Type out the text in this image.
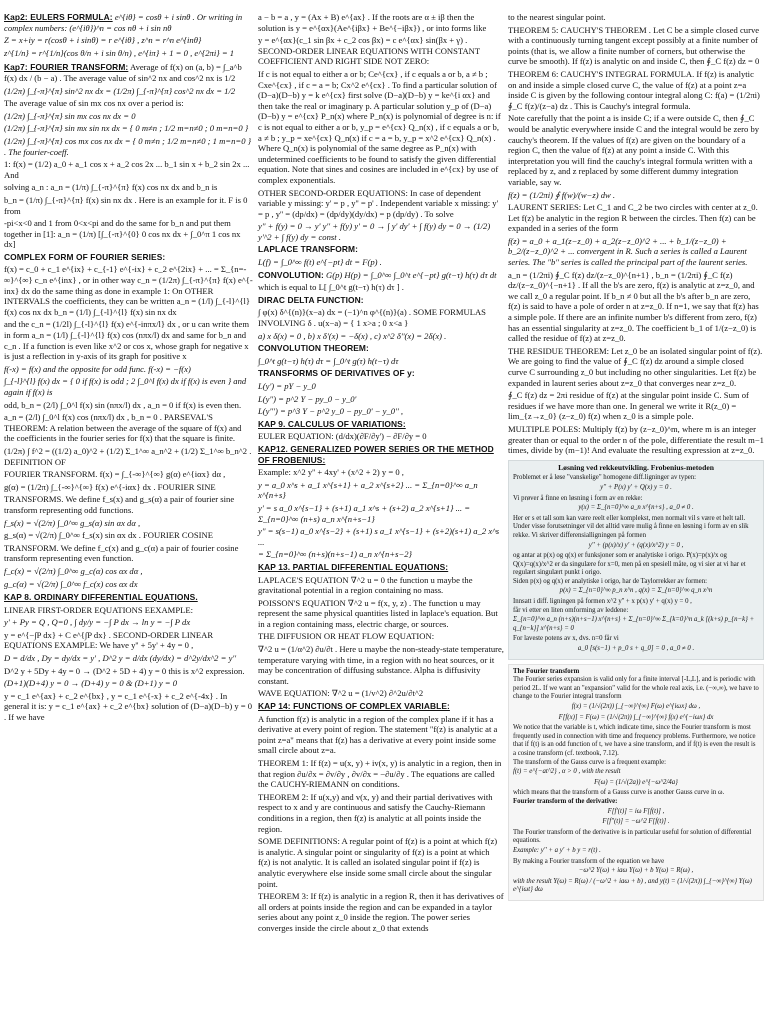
Kap2: EULERS FORMULA: e^{iθ} = cosθ + i sinθ . Or writing in complex numbers: (e^{iθ})^n = cos nθ + i sin nθ
Z = x+iy = r(cosθ + i sinθ) = r e^{iθ} , z^n = r^n e^{inθ}
z^{1/n} = r^{1/n}(cos θ/n + i sin θ/n) , e^{iπ} + 1 = 0 , e^{2πi} = 1
Kap7: FOURIER TRANSFORM: Average of f(x) on (a, b) = ∫_a^b f(x) dx / (b − a) . The average value of sin^2 nx and cos^2 nx is 1/2
(1/2π) ∫_{-π}^{π} sin^2 nx dx = (1/2π) ∫_{-π}^{π} cos^2 nx dx = 1/2
The average value of sin mx cos nx over a period is:
(1/2π) ∫_{-π}^{π} sin mx cos nx dx = 0
(1/2π) ∫_{-π}^{π} sin mx sin nx dx = { 0 m≠n ; 1/2 m=n≠0 ; 0 m=n=0 }
(1/2π) ∫_{-π}^{π} cos mx cos nx dx = { 0 m≠n ; 1/2 m=n≠0 ; 1 m=n=0 } . The fourier-coeff.
1: f(x) = (1/2) a_0 + a_1 cos x + a_2 cos 2x ... b_1 sin x + b_2 sin 2x ... And
solving a_n : a_n = (1/π) ∫_{-π}^{π} f(x) cos nx dx and b_n is
b_n = (1/π) ∫_{-π}^{π} f(x) sin nx dx . Here is an example for it. F is 0 from
-pi<x<0 and 1 from 0<x<pi and do the same for b_n and put them together in [1]: a_n = (1/π) [∫_{-π}^{0} 0 cos nx dx + ∫_0^π 1 cos nx dx]
COMPLEX FORM OF FOURIER SERIES:
f(x) = c_0 + c_1 e^{ix} + c_{-1} e^{-ix} + c_2 e^{2ix} + ... = Σ_{n=-∞}^{∞} c_n e^{inx} , or in other way c_n = (1/2π) ∫_{-π}^{π} f(x) e^{-inx} dx do the same thing as done in example 1: On OTHER INTERVALS the coefficients, they can be written a_n = (1/l) ∫_{-l}^{l} f(x) cos nx dx b_n = (1/l) ∫_{-l}^{l} f(x) sin nx dx
and the c_n = (1/2l) ∫_{-l}^{l} f(x) e^{-inπx/l} dx , or u can write them in form a_n = (1/l) ∫_{-l}^{l} f(x) cos (nπx/l) dx and same for b_n and c_n . If a function is even like x^2 or cos x, whose graph for negative x is just a reflection in y-axis of its graph for positive x
f(-x) = f(x) and the opposite for odd func. f(-x) = −f(x)
∫_{-l}^{l} f(x) dx = { 0 if f(x) is odd ; 2 ∫_0^l f(x) dx if f(x) is even } and again if f(x) is
odd, b_n = (2/l) ∫_0^l f(x) sin (nπx/l) dx , a_n = 0 if f(x) is even then.
a_n = (2/l) ∫_0^l f(x) cos (nπx/l) dx , b_n = 0 . PARSEVAL'S THEOREM: A relation between the average of the square of f(x) and the coefficients in the fourier series for f(x) that the square is finite.
(1/2π) ∫ f^2 = ((1/2) a_0)^2 + (1/2) Σ_1^∞ a_n^2 + (1/2) Σ_1^∞ b_n^2 . DEFINITION OF
FOURIER TRANSFORM. f(x) = ∫_{-∞}^{∞} g(α) e^{iαx} dα ,
g(α) = (1/2π) ∫_{-∞}^{∞} f(x) e^{-iαx} dx . FOURIER SINE
TRANSFORMS. We define f_s(x) and g_s(α) a pair of fourier sine transform representing odd functions.
f_s(x) = √(2/π) ∫_0^∞ g_s(α) sin αx dα ,
g_s(α) = √(2/π) ∫_0^∞ f_s(x) sin αx dx . FOURIER COSINE
TRANSFORM. We define f_c(x) and g_c(α) a pair of fourier cosine transform representing even function.
f_c(x) = √(2/π) ∫_0^∞ g_c(α) cos αx dα ,
g_c(α) = √(2/π) ∫_0^∞ f_c(x) cos αx dx
KAP 8. ORDINARY DIFFERENTIAL EQUATIONS.
LINEAR FIRST-ORDER EQUATIONS EEXAMPLE:
y' + Py = Q , Q=0 , ∫ dy/y = −∫ P dx → ln y = −∫ P dx
y = e^{−∫P dx} + C e^{∫P dx} . SECOND-ORDER LINEAR EQUATIONS EXAMPLE: We have y'' + 5y' + 4y = 0 ,
D = d/dx , Dy = dy/dx = y' , D^2 y = d/dx (dy/dx) = d^2y/dx^2 = y''
D^2 y + 5Dy + 4y = 0 → (D^2 + 5D + 4) y = 0 this is x^2 expression.
(D+1)(D+4) y = 0 → (D+4) y = 0 & (D+1) y = 0
y = c_1 e^{ax} + c_2 e^{bx} , y = c_1 e^{-x} + c_2 e^{-4x} . In general it is: y = c_1 e^{ax} + c_2 e^{bx} solution of (D−a)(D−b) y = 0 . If we have
a − b = a , y = (Ax + B) e^{ax} . If the roots are α ± iβ then the solution is y = e^{αx}(Ae^{iβx} + Be^{−iβx}) , or into forms like
y = e^{αx}(c_1 sin βx + c_2 cos βx) = c e^{αx} sin(βx + γ) . SECOND-ORDER LINEAR EQUATIONS WITH CONSTANT COEFFICIENT AND RIGHT SIDE NOT ZERO:
If c is not equal to either a or b; Ce^{cx} , if c equals a or b, a ≠ b ; Cxe^{cx} , if c = a = b; Cx^2 e^{cx} . To find a particular solution of (D−a)(D−b) y = k e^{cx} first solve (D−a)(D−b) y = ke^{i αx} and then take the real or imaginary p. A particular solution y_p of (D−a)(D−b) y = e^{cx} P_n(x) where P_n(x) is polynomial of degree is n: if c is not equal to either a or b, y_p = e^{cx} Q_n(x) , if c equals a or b, a ≠ b ; y_p = xe^{cx} Q_n(x) if c = a = b, y_p = x^2 e^{cx} Q_n(x) . Where Q_n(x) is polynomial of the same degree as P_n(x) with undetermined coefficients to be found to satisfy the given differential equation. Note that sines and cosines are included in e^{cx} by use of complex exponentials.
OTHER SECOND-ORDER EQUATIONS: In case of dependent variable y missing: y' = p , y'' = p' . Independent variable x missing: y' = p , y'' = (dp/dx) = (dp/dy)(dy/dx) = p (dp/dy) . To solve
y'' + f(y) = 0 → y' y'' + f(y) y' = 0 → ∫ y' dy' + ∫ f(y) dy = 0 → (1/2) y'^2 + ∫ f(y) dy = const .
LAPLACE TRANSFORM:
L(f) = ∫_0^∞ f(t) e^{−pt} dt = F(p) .
CONVOLUTION: G(p) H(p) = ∫_0^∞ ∫_0^t e^{−pt} g(t−τ) h(τ) dτ dt
which is equal to L[ ∫_0^t g(t−τ) h(τ) dτ ] .
DIRAC DELTA FUNCTION:
∫ φ(x) δ^{(n)}(x−a) dx = (−1)^n φ^{(n)}(a) . SOME FORMULAS INVOLVING δ . u(x−a) = { 1 x>a ; 0 x<a }
a) x δ(x) = 0 , b) x δ'(x) = −δ(x) , c) x^2 δ''(x) = 2δ(x) .
CONVOLUTION THEOREM:
∫_0^t g(t−τ) h(τ) dτ = ∫_0^t g(τ) h(t−τ) dτ
TRANSFORMS OF DERIVATIVES OF y:
L(y') = pY − y_0
L(y'') = p^2 Y − py_0 − y_0'
L(y''') = p^3 Y − p^2 y_0 − py_0' − y_0'' ,
KAP 9. CALCULUS OF VARIATIONS:
EULER EQUATION: (d/dx)(∂F/∂y') − ∂F/∂y = 0
KAP12. GENERALIZED POWER SERIES OR THE METHOD OF FROBENIUS:
Example: x^2 y'' + 4xy' + (x^2 + 2) y = 0 ,
y = a_0 x^s + a_1 x^{s+1} + a_2 x^{s+2} ... = Σ_{n=0}^∞ a_n x^{n+s}
y' = s a_0 x^{s−1} + (s+1) a_1 x^s + (s+2) a_2 x^{s+1} ... = Σ_{n=0}^∞ (n+s) a_n x^{n+s−1}
y'' = s(s−1) a_0 x^{s−2} + (s+1) s a_1 x^{s−1} + (s+2)(s+1) a_2 x^s ...
= Σ_{n=0}^∞ (n+s)(n+s−1) a_n x^{n+s−2}
KAP 13. PARTIAL DIFFERENTIAL EQUATIONS:
LAPLACE'S EQUATION ∇^2 u = 0 the function u maybe the gravitational potential in a region containing no mass.
POISSON'S EQUATION ∇^2 u = f(x, y, z) . The function u may represent the same physical quantities listed in laplace's equation. But in a region containing mass, electric charge, or sources.
THE DIFFUSION OR HEAT FLOW EQUATION:
∇^2 u = (1/α^2) ∂u/∂t . Here u maybe the non-steady-state temperature, temperature varying with time, in a region with no heat sources, or it may be concentration of diffusing substance. Alpha is diffusivity constant.
WAVE EQUATION: ∇^2 u = (1/v^2) ∂^2u/∂t^2
KAP 14: FUNCTIONS OF COMPLEX VARIABLE:
A function f(z) is analytic in a region of the complex plane if it has a derivative at every point of region. The statement "f(z) is analytic at a point z=a" means that f(z) has a derivative at every point inside some small circle about z=a.
THEOREM 1: If f(z) = u(x, y) + iv(x, y) is analytic in a region, then in that region ∂u/∂x = ∂v/∂y , ∂v/∂x = −∂u/∂y . The equations are called the CAUCHY-RIEMANN on conditions.
THEOREM 2: If u(x,y) and v(x, y) and their partial derivatives with respect to x and y are continuous and satisfy the Cauchy-Riemann conditions in a region, then f(z) is analytic at all points inside the region.
SOME DEFINITIONS: A regular point of f(z) is a point at which f(z) is analytic. A singular point or singularity of f(z) is a point at which f(z) is not analytic. It is called an isolated singular point if f(z) is analytic everywhere else inside some small circle about the singular point.
THEOREM 3: If f(z) is analytic in a region R, then it has derivatives of all orders at points inside the region and can be expanded in a taylor series about any point z_0 inside the region. The power series converges inside the circle about z_0 that extends
to the nearest singular point.
THEOREM 5: CAUCHY'S THEOREM . Let C be a simple closed curve with a continuously turning tangent except possibly at a finite number of points (that is, we allow a finite number of corners, but otherwise the curve be smooth). If f(z) is analytic on and inside C, then ∮_C f(z) dz = 0
THEOREM 6: CAUCHY'S INTEGRAL FORMULA. If f(z) is analytic on and inside a simple closed curve C, the value of f(z) at a point z=a inside C is given by the following contour integral along C: f(a) = (1/2πi) ∮_C f(z)/(z−a) dz . This is Cauchy's integral formula.
Note carefully that the point a is inside C; if a were outside C, then ∮_C would be analytic everywhere inside C and the integral would be zero by cauchy's theorem. If the values of f(z) are given on the boundary of a region C, then the value of f(z) at any point a inside C. With this interpretation you will find the cauchy's integral formula written with a replaced by z, and z replaced by some different dummy integration variable, say w.
f(z) = (1/2πi) ∮ f(w)/(w−z) dw .
LAURENT SERIES: Let C_1 and C_2 be two circles with center at z_0. Let f(z) be analytic in the region R between the circles. Then f(z) can be expanded in a series of the form
f(z) = a_0 + a_1(z−z_0) + a_2(z−z_0)^2 + ... + b_1/(z−z_0) + b_2/(z−z_0)^2 + ... convergent in R. Such a series is called a Laurent series. The "b" series is called the principal part of the laurent series.
a_n = (1/2πi) ∮_C f(z) dz/(z−z_0)^{n+1} , b_n = (1/2πi) ∮_C f(z) dz/(z−z_0)^{−n+1} . If all the b's are zero, f(z) is analytic at z=z_0, and we call z_0 a regular point. If b_n ≠ 0 but all the b's after b_n are zero, f(z) is said to have a pole of order n at z=z_0. If n=1, we say that f(z) has a simple pole. If there are an infinite number b's different from zero, f(z) has an essential singularity at z=z_0. The coefficient b_1 of 1/(z−z_0) is called the residue of f(z) at z=z_0.
THE RESIDUE THEOREM: Let z_0 be an isolated singular point of f(z). We are going to find the value of ∮_C f(z) dz around a simple closed curve C surrounding z_0 but including no other singularities. Let f(z) be expanded in laurent series about z=z_0 that converges near z=z_0.
∮_C f(z) dz = 2πi residue of f(z) at the singular point inside C. Sum of residues if we have more than one. In general we write it R(z_0) = lim_{z→z_0} (z−z_0) f(z) when z_0 is a simple pole.
MULTIPLE POLES: Multiply f(z) by (z−z_0)^m, where m is an integer greater than or equal to the order n of the pole, differentiate the result m−1 times, divide by (m−1)! And evaluate the resulting expression at z=z_0.
Løsning ved rekkeutvikling. Frobenius-metoden
Problemet er å løse "vanskelige" homogene diff.ligninger av typen:
y'' + P(x) y' + Q(x) y = 0 .
Vi prøver å finne en løsning i form av en rekke:
y(x) = Σ_{n=0}^∞ a_n x^{n+s} , a_0 ≠ 0 .
Her er s et tall som kan være reelt eller komplekst, men normalt vil s være et helt tall. Under visse forutsetninger vil det alltid være mulig å finne en løsning i form av en slik rekke. Vi skriver differensialligningen på formen
y'' + (p(x)/x) y' + (q(x)/x^2) y = 0 ,
og antar at p(x) og q(x) er funksjoner som er analytiske i origo. P(x)=p(x)/x og Q(x)=q(x)/x^2 er da singulære for x=0, men på en spesiell måte, og vi sier at vi har et regulært singulært punkt i origo.
Siden p(x) og q(x) er analytiske i origo, har de Taylorrekker av formen:
p(x) = Σ_{n=0}^∞ p_n x^n , q(x) = Σ_{n=0}^∞ q_n x^n
Innsatt i diff. ligningen på formen x^2 y'' + x p(x) y' + q(x) y = 0 ,
får vi etter en liten omforming av leddene:
Σ_{n=0}^∞ a_n (n+s)(n+s−1) x^{n+s} + Σ_{n=0}^∞ Σ_{k=0}^n a_k [(k+s) p_{n−k} + q_{n−k}] x^{n+s} = 0
For laveste potens av x, dvs. n=0 får vi
a_0 [s(s−1) + p_0 s + q_0] = 0 , a_0 ≠ 0 .
The Fourier transform
The Fourier series expansion is valid only for a finite interval [-L,L], and is periodic with period 2L. If we want an "expansion" valid for the whole real axis, i.e. (−∞,∞), we have to change to the Fourier integral transform
f(x) = (1/√(2π)) ∫_{−∞}^{∞} F(ω) e^{iωx} dω ,
F[f(x)] = F(ω) = (1/√(2π)) ∫_{−∞}^{∞} f(x) e^{−iωx} dx
We notice that the variable is t, which indicate time, since the Fourier transform is most frequently used in connection with time and frequency problems. Furthermore, we notice that if f(t) is an odd function of t, we have a sine transform, and if f(t) is even the result is a cosine transform (cf. textbook, 7.12).
The transform of the Gauss curve is a frequent example:
f(t) = e^{−at^2} , α > 0 , with the result
F(ω) = (1/√(2a)) e^{−ω^2/4a}
which means that the transform of a Gauss curve is another Gauss curve in ω.
Fourier transform of the derivative:
F[f'(t)] = iω F[f(t)] ,
F[f''(t)] = −ω^2 F[f(t)] .
The Fourier transform of the derivative is in particular useful for solution of differential equations.
Example: y'' + a y' + b y = r(t) .
By making a Fourier transform of the equation we have
−ω^2 Y(ω) + iaω Y(ω) + b Y(ω) = R(ω) ,
with the result Y(ω) = R(ω) / (−ω^2 + iaω + b) , and y(t) = (1/√(2π)) ∫_{−∞}^{∞} Y(ω) e^{iωt} dω
